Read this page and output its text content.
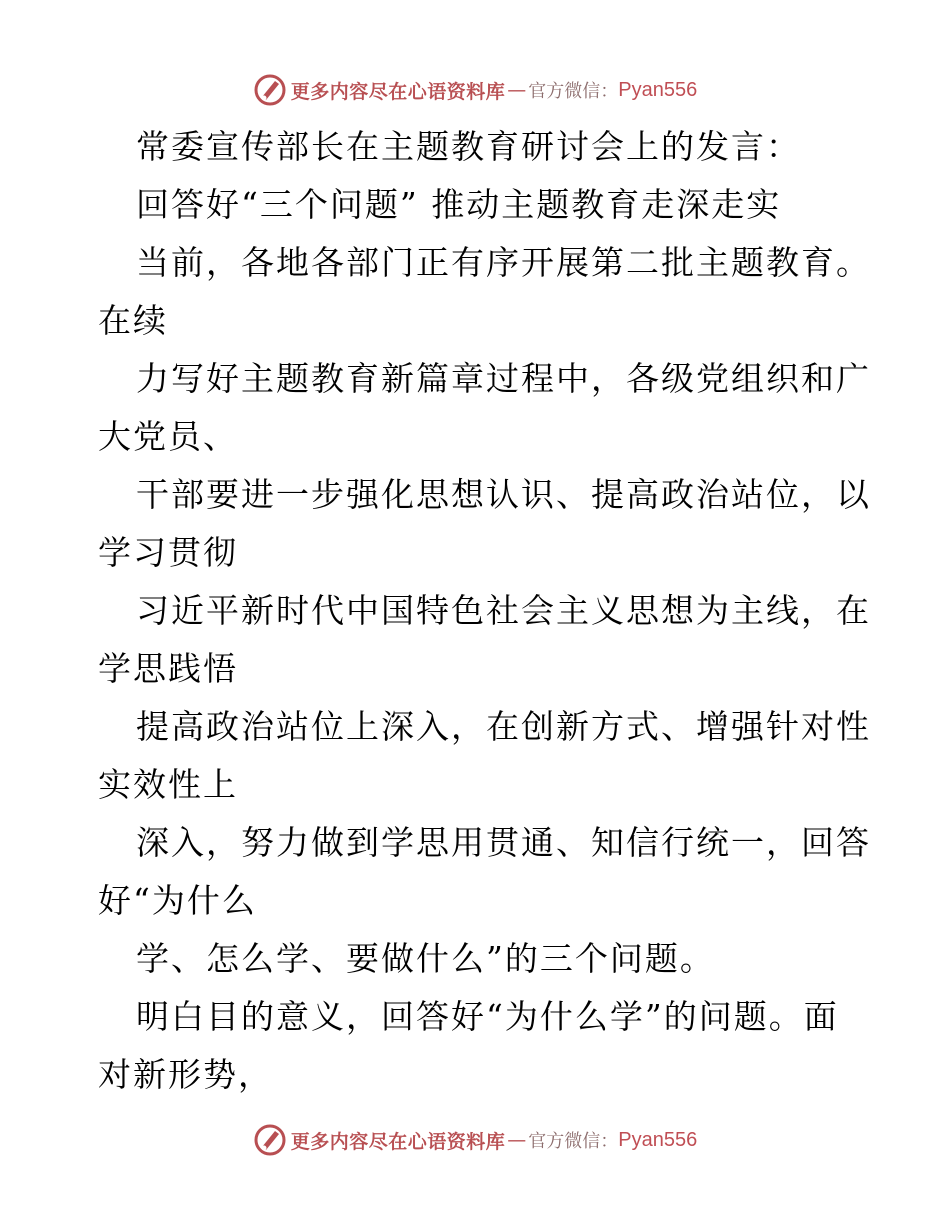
更多内容尽在心语资料库 — 官方微信： Pyan556
常委宣传部长在主题教育研讨会上的发言：
回答好“三个问题” 推动主题教育走深走实
当前，各地各部门正有序开展第二批主题教育。
在续
力写好主题教育新篇章过程中，各级党组织和广
大党员、
干部要进一步强化思想认识、提高政治站位，以
学习贯彻
习近平新时代中国特色社会主义思想为主线，在
学思践悟
提高政治站位上深入，在创新方式、增强针对性
实效性上
深入，努力做到学思用贯通、知信行统一，回答
好“为什么
学、怎么学、要做什么”的三个问题。
明白目的意义，回答好“为什么学”的问题。面
对新形势，
更多内容尽在心语资料库 — 官方微信： Pyan556
